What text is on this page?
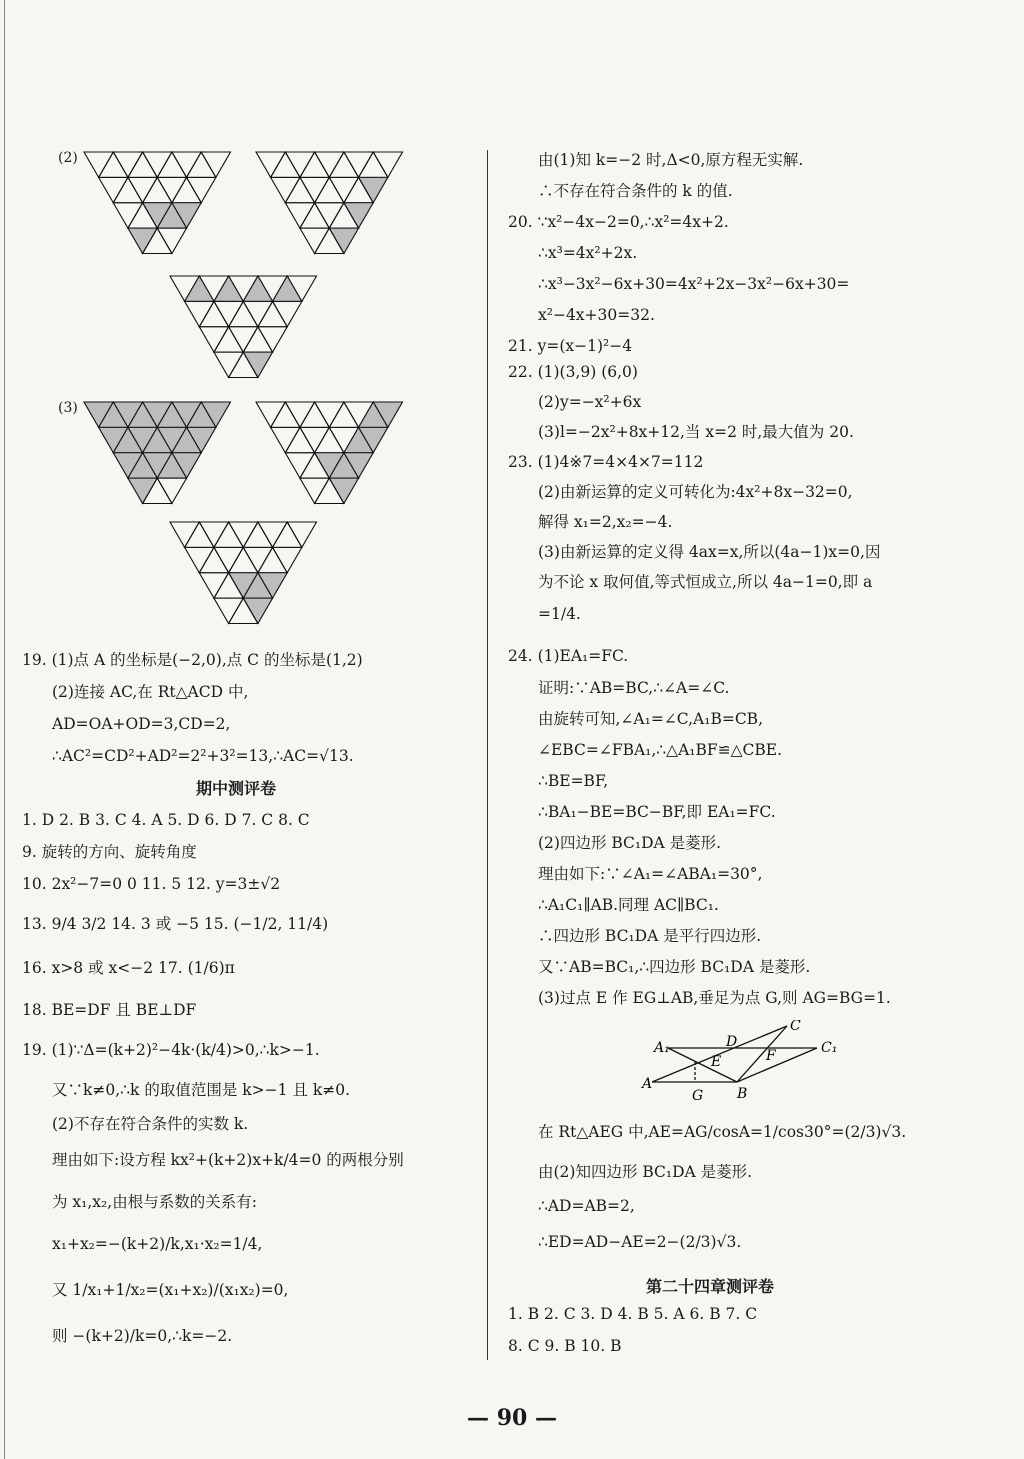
(2)
(3)
19. (1)点 A 的坐标是(−2,0),点 C 的坐标是(1,2)
(2)连接 AC,在 Rt△ACD 中,
AD=OA+OD=3,CD=2,
∴AC²=CD²+AD²=2²+3²=13,∴AC=√13.
期中测评卷
1. D 2. B 3. C 4. A 5. D 6. D 7. C 8. C
9. 旋转的方向、旋转角度
10. 2x²−7=0 0 11. 5 12. y=3±√2
13. 9/4 3/2 14. 3 或 −5 15. (−1/2, 11/4)
16. x>8 或 x<−2 17. (1/6)π
18. BE=DF 且 BE⊥DF
19. (1)∵Δ=(k+2)²−4k·(k/4)>0,∴k>−1.
又∵k≠0,∴k 的取值范围是 k>−1 且 k≠0.
(2)不存在符合条件的实数 k.
理由如下:设方程 kx²+(k+2)x+k/4=0 的两根分别
为 x₁,x₂,由根与系数的关系有:
x₁+x₂=−(k+2)/k,x₁·x₂=1/4,
又 1/x₁+1/x₂=(x₁+x₂)/(x₁x₂)=0,
则 −(k+2)/k=0,∴k=−2.
由(1)知 k=−2 时,Δ<0,原方程无实解.
∴不存在符合条件的 k 的值.
20. ∵x²−4x−2=0,∴x²=4x+2.
∴x³=4x²+2x.
∴x³−3x²−6x+30=4x²+2x−3x²−6x+30=
x²−4x+30=32.
21. y=(x−1)²−4
22. (1)(3,9) (6,0)
(2)y=−x²+6x
(3)l=−2x²+8x+12,当 x=2 时,最大值为 20.
23. (1)4※7=4×4×7=112
(2)由新运算的定义可转化为:4x²+8x−32=0,
解得 x₁=2,x₂=−4.
(3)由新运算的定义得 4ax=x,所以(4a−1)x=0,因
为不论 x 取何值,等式恒成立,所以 4a−1=0,即 a
=1/4.
24. (1)EA₁=FC.
证明:∵AB=BC,∴∠A=∠C.
由旋转可知,∠A₁=∠C,A₁B=CB,
∠EBC=∠FBA₁,∴△A₁BF≌△CBE.
∴BE=BF,
∴BA₁−BE=BC−BF,即 EA₁=FC.
(2)四边形 BC₁DA 是菱形.
理由如下:∵∠A₁=∠ABA₁=30°,
∴A₁C₁∥AB.同理 AC∥BC₁.
∴四边形 BC₁DA 是平行四边形.
又∵AB=BC₁,∴四边形 BC₁DA 是菱形.
(3)过点 E 作 EG⊥AB,垂足为点 G,则 AG=BG=1.
A₁
A
C
C₁
D
E	F
G B
在 Rt△AEG 中,AE=AG/cosA=1/cos30°=(2/3)√3.
由(2)知四边形 BC₁DA 是菱形.
∴AD=AB=2,
∴ED=AD−AE=2−(2/3)√3.
第二十四章测评卷
1. B 2. C 3. D 4. B 5. A 6. B 7. C
8. C 9. B 10. B
— 90 —
